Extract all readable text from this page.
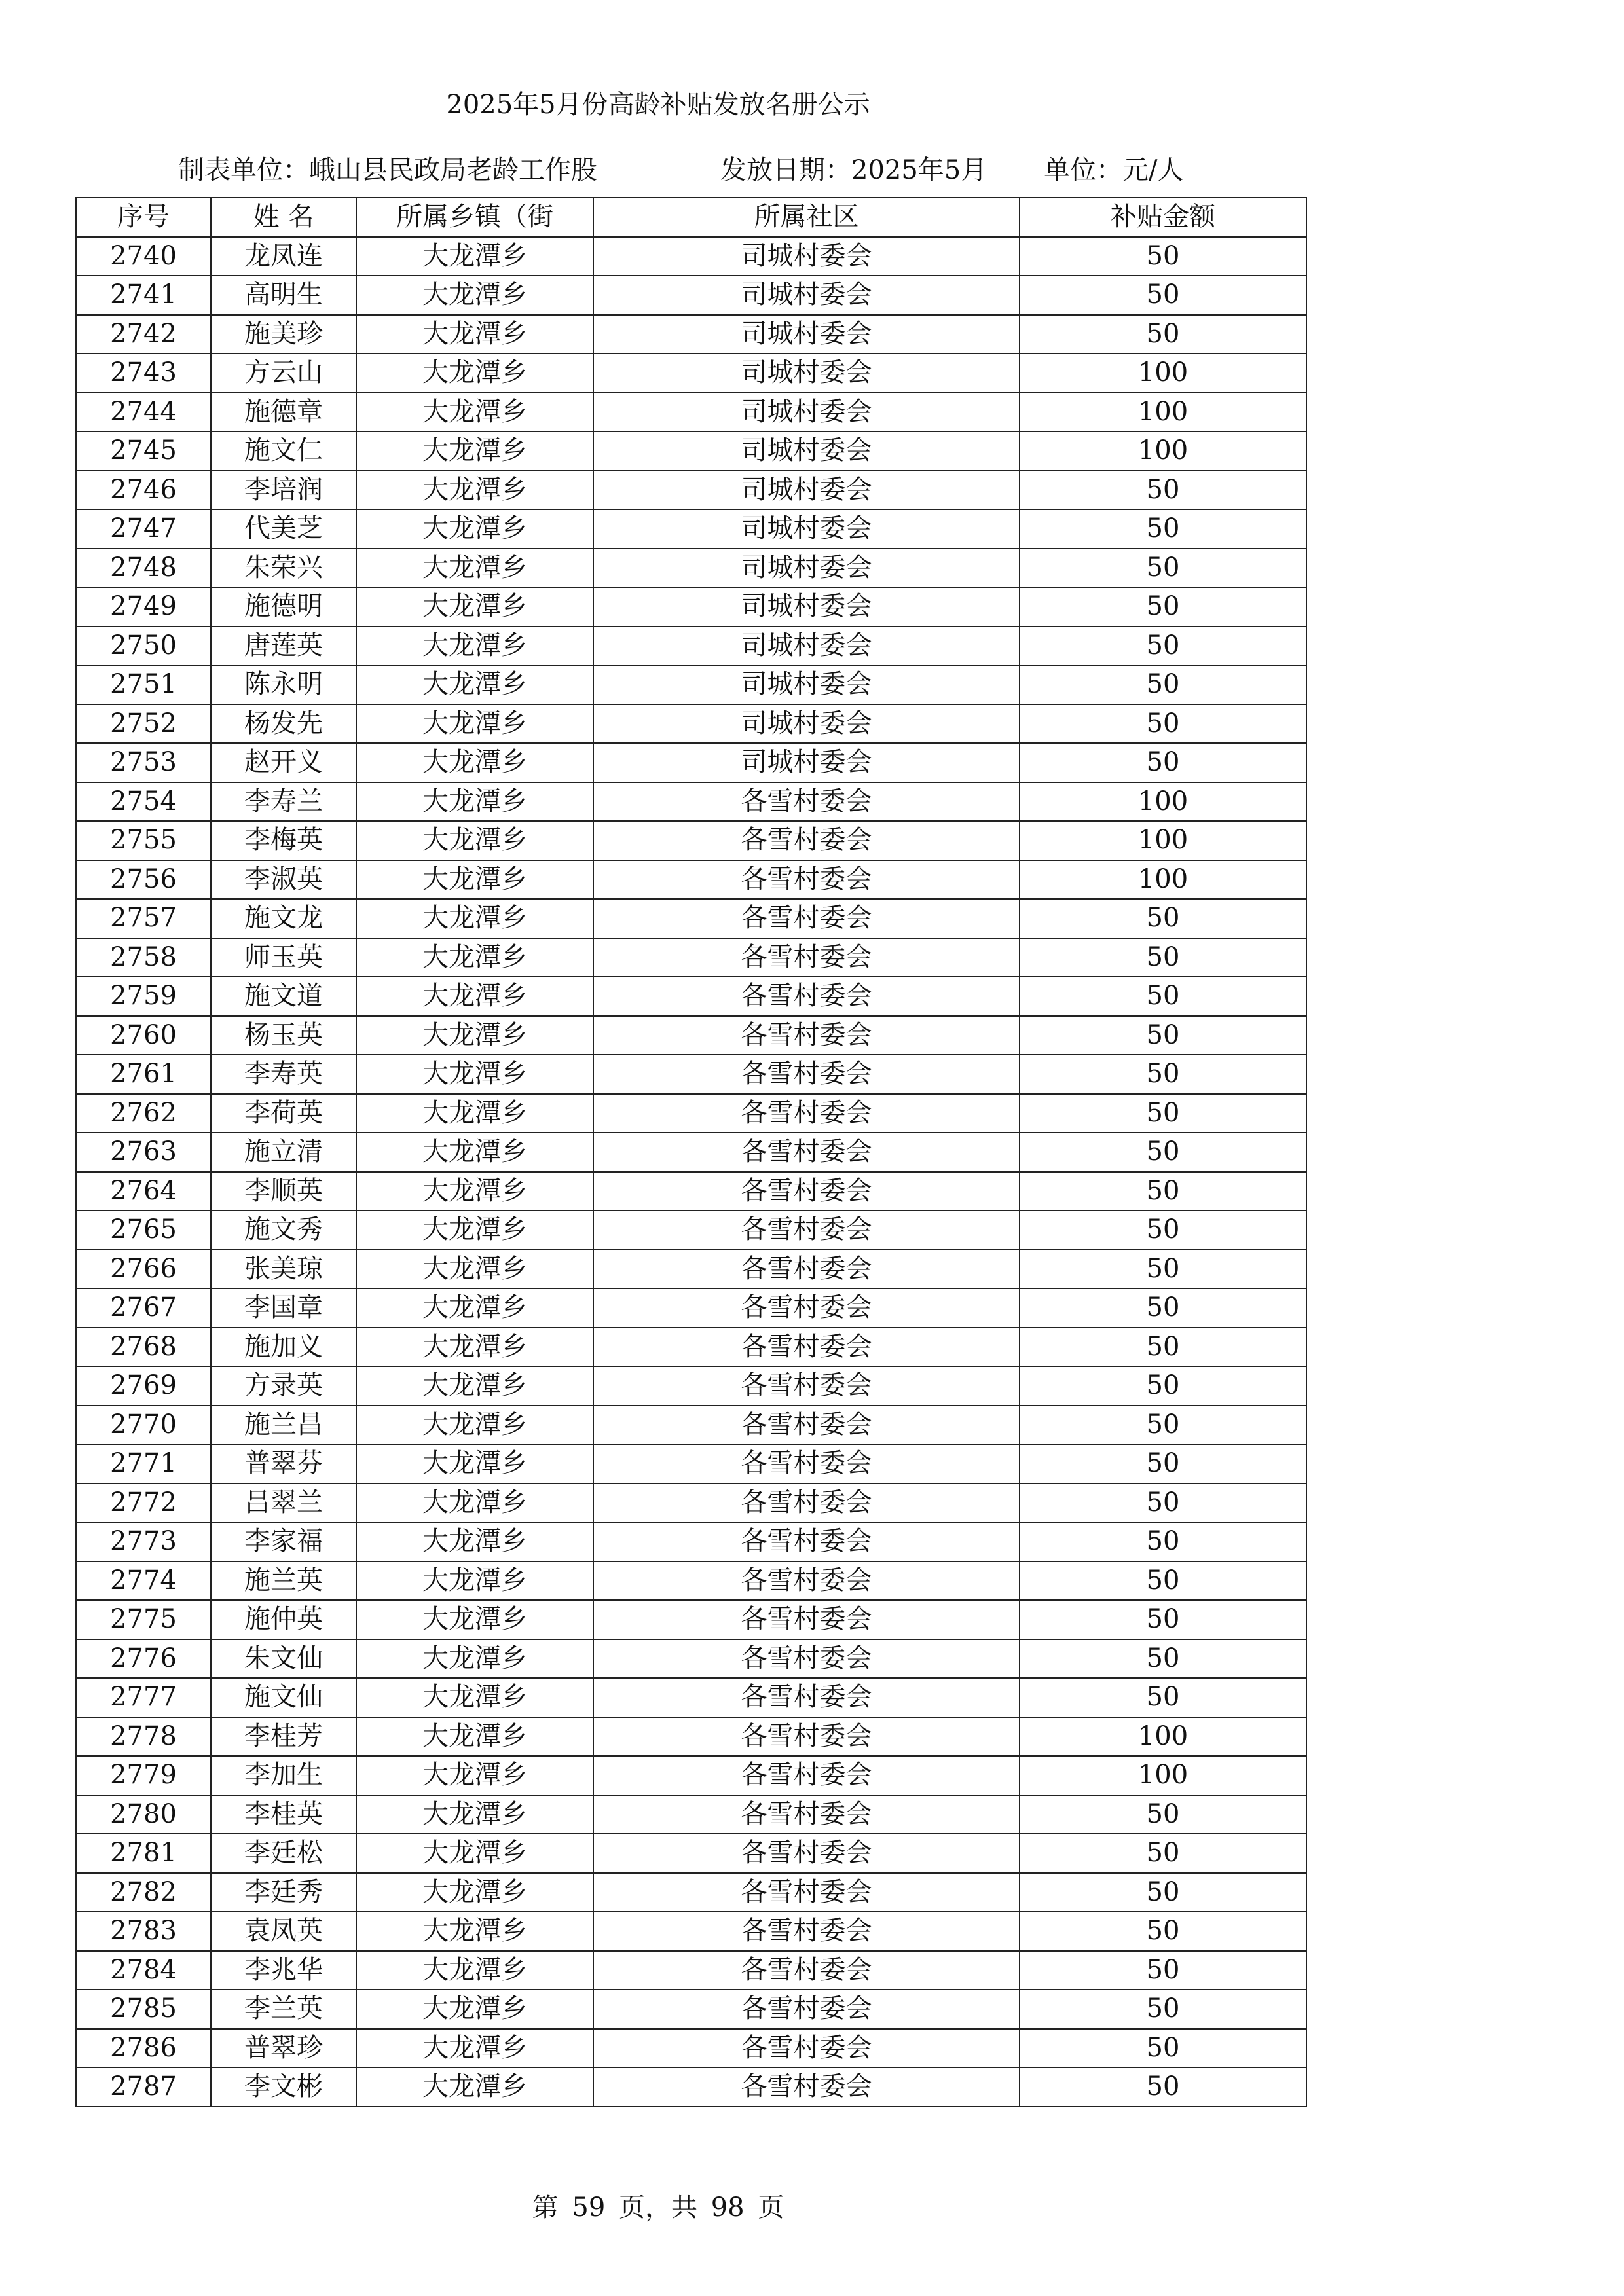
2025年5月份高龄补贴发放名册公示
制表单位：峨山县民政局老龄工作股	发放日期：2025年5月 单位：元/人
序号	姓 名	所属乡镇（街	所属社区	补贴金额
2740	龙凤连	大龙潭乡	司城村委会	50
2741	高明生	大龙潭乡	司城村委会	50
2742	施美珍	大龙潭乡	司城村委会	50
2743	方云山	大龙潭乡	司城村委会	100
2744	施德章	大龙潭乡	司城村委会	100
2745	施文仁	大龙潭乡	司城村委会	100
2746	李培润	大龙潭乡	司城村委会	50
2747	代美芝	大龙潭乡	司城村委会	50
2748	朱荣兴	大龙潭乡	司城村委会	50
2749	施德明	大龙潭乡	司城村委会	50
2750	唐莲英	大龙潭乡	司城村委会	50
2751	陈永明	大龙潭乡	司城村委会	50
2752	杨发先	大龙潭乡	司城村委会	50
2753	赵开义	大龙潭乡	司城村委会	50
2754	李寿兰	大龙潭乡	各雪村委会	100
2755	李梅英	大龙潭乡	各雪村委会	100
2756	李淑英	大龙潭乡	各雪村委会	100
2757	施文龙	大龙潭乡	各雪村委会	50
2758	师玉英	大龙潭乡	各雪村委会	50
2759	施文道	大龙潭乡	各雪村委会	50
2760	杨玉英	大龙潭乡	各雪村委会	50
2761	李寿英	大龙潭乡	各雪村委会	50
2762	李荷英	大龙潭乡	各雪村委会	50
2763	施立清	大龙潭乡	各雪村委会	50
2764	李顺英	大龙潭乡	各雪村委会	50
2765	施文秀	大龙潭乡	各雪村委会	50
2766	张美琼	大龙潭乡	各雪村委会	50
2767	李国章	大龙潭乡	各雪村委会	50
2768	施加义	大龙潭乡	各雪村委会	50
2769	方录英	大龙潭乡	各雪村委会	50
2770	施兰昌	大龙潭乡	各雪村委会	50
2771	普翠芬	大龙潭乡	各雪村委会	50
2772	吕翠兰	大龙潭乡	各雪村委会	50
2773	李家福	大龙潭乡	各雪村委会	50
2774	施兰英	大龙潭乡	各雪村委会	50
2775	施仲英	大龙潭乡	各雪村委会	50
2776	朱文仙	大龙潭乡	各雪村委会	50
2777	施文仙	大龙潭乡	各雪村委会	50
2778	李桂芳	大龙潭乡	各雪村委会	100
2779	李加生	大龙潭乡	各雪村委会	100
2780	李桂英	大龙潭乡	各雪村委会	50
2781	李廷松	大龙潭乡	各雪村委会	50
2782	李廷秀	大龙潭乡	各雪村委会	50
2783	袁凤英	大龙潭乡	各雪村委会	50
2784	李兆华	大龙潭乡	各雪村委会	50
2785	李兰英	大龙潭乡	各雪村委会	50
2786	普翠珍	大龙潭乡	各雪村委会	50
2787	李文彬	大龙潭乡	各雪村委会	50
第 59 页，共 98 页
